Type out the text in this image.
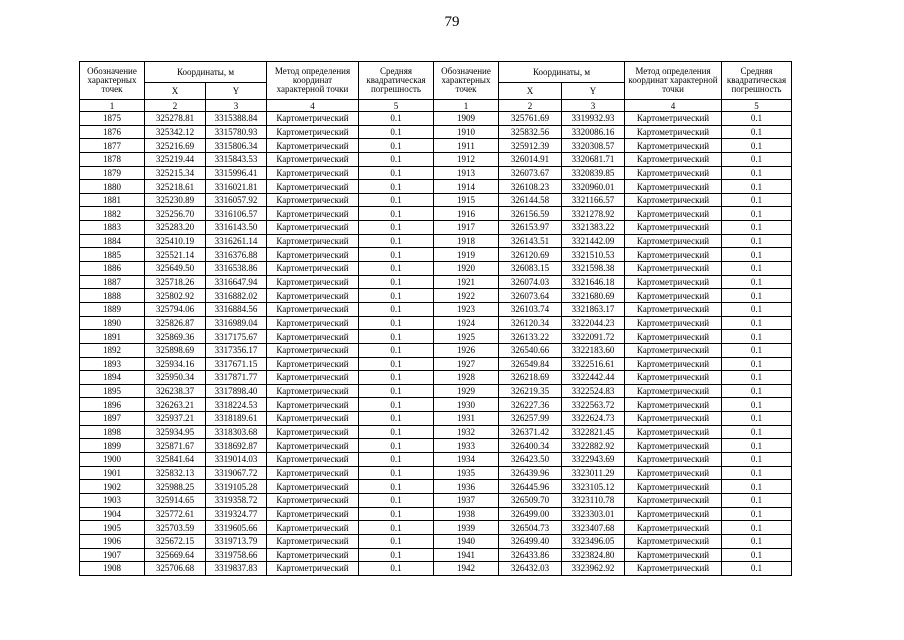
79
Обозначение характерных точек	Координаты, м		Метод определения координат характерной точки	Средняя квадратическая погрешность	Обозначение характерных точек	Координаты, м		Метод определения координат характерной точки	Средняя квадратическая погрешность
	X	Y				X	Y		
1	2	3	4	5	1	2	3	4	5
1875	325278.81	3315388.84	Картометрический	0.1	1909	325761.69	3319932.93	Картометрический	0.1
1876	325342.12	3315780.93	Картометрический	0.1	1910	325832.56	3320086.16	Картометрический	0.1
1877	325216.69	3315806.34	Картометрический	0.1	1911	325912.39	3320308.57	Картометрический	0.1
1878	325219.44	3315843.53	Картометрический	0.1	1912	326014.91	3320681.71	Картометрический	0.1
1879	325215.34	3315996.41	Картометрический	0.1	1913	326073.67	3320839.85	Картометрический	0.1
1880	325218.61	3316021.81	Картометрический	0.1	1914	326108.23	3320960.01	Картометрический	0.1
1881	325230.89	3316057.92	Картометрический	0.1	1915	326144.58	3321166.57	Картометрический	0.1
1882	325256.70	3316106.57	Картометрический	0.1	1916	326156.59	3321278.92	Картометрический	0.1
1883	325283.20	3316143.50	Картометрический	0.1	1917	326153.97	3321383.22	Картометрический	0.1
1884	325410.19	3316261.14	Картометрический	0.1	1918	326143.51	3321442.09	Картометрический	0.1
1885	325521.14	3316376.88	Картометрический	0.1	1919	326120.69	3321510.53	Картометрический	0.1
1886	325649.50	3316538.86	Картометрический	0.1	1920	326083.15	3321598.38	Картометрический	0.1
1887	325718.26	3316647.94	Картометрический	0.1	1921	326074.03	3321646.18	Картометрический	0.1
1888	325802.92	3316882.02	Картометрический	0.1	1922	326073.64	3321680.69	Картометрический	0.1
1889	325794.06	3316884.56	Картометрический	0.1	1923	326103.74	3321863.17	Картометрический	0.1
1890	325826.87	3316989.04	Картометрический	0.1	1924	326120.34	3322044.23	Картометрический	0.1
1891	325869.36	3317175.67	Картометрический	0.1	1925	326133.22	3322091.72	Картометрический	0.1
1892	325898.69	3317356.17	Картометрический	0.1	1926	326540.66	3322183.60	Картометрический	0.1
1893	325934.16	3317671.15	Картометрический	0.1	1927	326549.84	3322516.61	Картометрический	0.1
1894	325950.34	3317871.77	Картометрический	0.1	1928	326218.69	3322442.44	Картометрический	0.1
1895	326238.37	3317898.40	Картометрический	0.1	1929	326219.35	3322524.83	Картометрический	0.1
1896	326263.21	3318224.53	Картометрический	0.1	1930	326227.36	3322563.72	Картометрический	0.1
1897	325937.21	3318189.61	Картометрический	0.1	1931	326257.99	3322624.73	Картометрический	0.1
1898	325934.95	3318303.68	Картометрический	0.1	1932	326371.42	3322821.45	Картометрический	0.1
1899	325871.67	3318692.87	Картометрический	0.1	1933	326400.34	3322882.92	Картометрический	0.1
1900	325841.64	3319014.03	Картометрический	0.1	1934	326423.50	3322943.69	Картометрический	0.1
1901	325832.13	3319067.72	Картометрический	0.1	1935	326439.96	3323011.29	Картометрический	0.1
1902	325988.25	3319105.28	Картометрический	0.1	1936	326445.96	3323105.12	Картометрический	0.1
1903	325914.65	3319358.72	Картометрический	0.1	1937	326509.70	3323110.78	Картометрический	0.1
1904	325772.61	3319324.77	Картометрический	0.1	1938	326499.00	3323303.01	Картометрический	0.1
1905	325703.59	3319605.66	Картометрический	0.1	1939	326504.73	3323407.68	Картометрический	0.1
1906	325672.15	3319713.79	Картометрический	0.1	1940	326499.40	3323496.05	Картометрический	0.1
1907	325669.64	3319758.66	Картометрический	0.1	1941	326433.86	3323824.80	Картометрический	0.1
1908	325706.68	3319837.83	Картометрический	0.1	1942	326432.03	3323962.92	Картометрический	0.1
